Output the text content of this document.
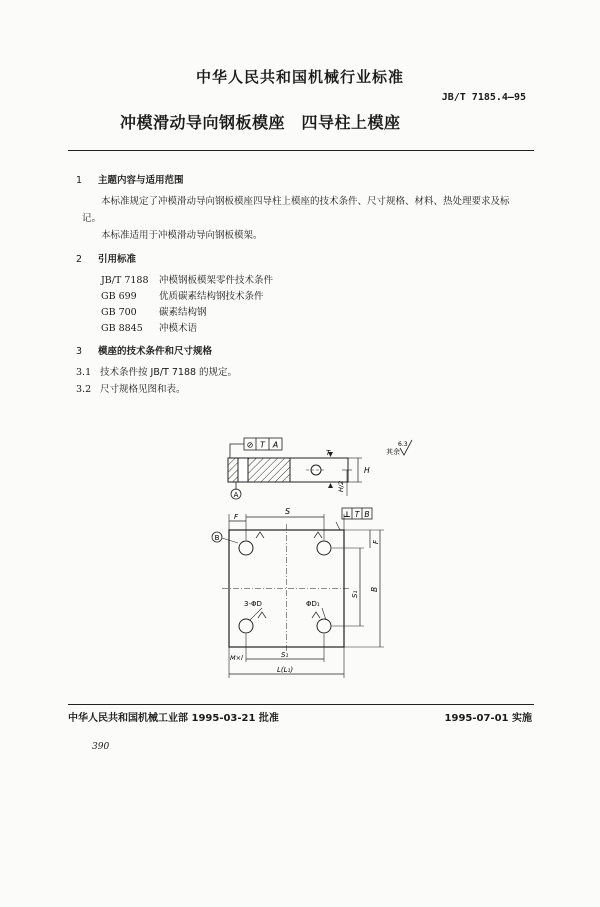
中华人民共和国机械行业标准
JB/T 7185.4—95
冲模滑动导向钢板模座　四导柱上模座
1 主题内容与适用范围
本标准规定了冲模滑动导向钢板模座四导柱上模座的技术条件、尺寸规格、材料、热处理要求及标
记。
本标准适用于冲模滑动导向钢板模架。
2 引用标准
JB/T 7188 冲模钢板模架零件技术条件
GB 699 优质碳素结构钢技术条件
GB 700 碳素结构钢
GB 8845 冲模术语
3 模座的技术条件和尺寸规格
3.1 技术条件按 JB/T 7188 的规定。
3.2 尺寸规格见图和表。
⊘ T A
A
T
H
H/2
其余
6.3
⊥ T B
B
S
F
F
S₁
B
3-ΦD	ΦD₁
S₁
L(L₁)
M×l
中华人民共和国机械工业部 1995-03-21 批准	1995-07-01 实施
390
